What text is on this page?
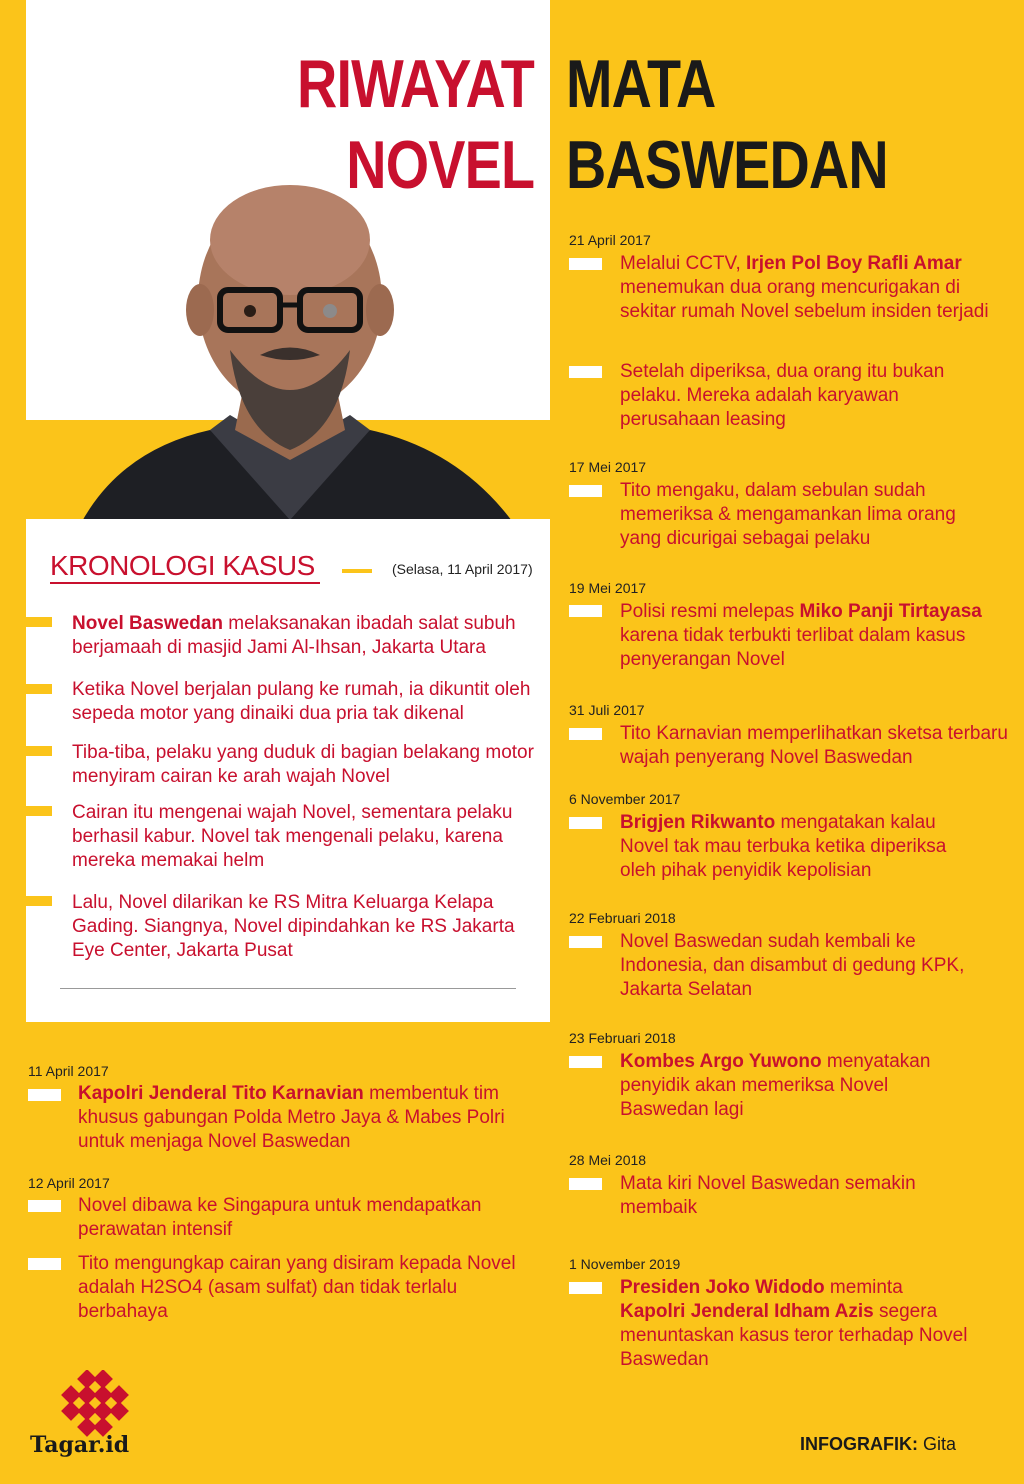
RIWAYAT MATA
NOVEL BASWEDAN
KRONOLOGI KASUS	(Selasa, 11 April 2017)
Novel Baswedan melaksanakan ibadah salat subuh berjamaah di masjid Jami Al-Ihsan, Jakarta Utara
Ketika Novel berjalan pulang ke rumah, ia dikuntit oleh sepeda motor yang dinaiki dua pria tak dikenal
Tiba-tiba, pelaku yang duduk di bagian belakang motor menyiram cairan ke arah wajah Novel
Cairan itu mengenai wajah Novel, sementara pelaku berhasil kabur. Novel tak mengenali pelaku, karena mereka memakai helm
Lalu, Novel dilarikan ke RS Mitra Keluarga Kelapa Gading. Siangnya, Novel dipindahkan ke RS Jakarta Eye Center, Jakarta Pusat
11 April 2017
Kapolri Jenderal Tito Karnavian membentuk tim khusus gabungan Polda Metro Jaya & Mabes Polri untuk menjaga Novel Baswedan
12 April 2017
Novel dibawa ke Singapura untuk mendapatkan perawatan intensif
Tito mengungkap cairan yang disiram kepada Novel adalah H2SO4 (asam sulfat) dan tidak terlalu berbahaya
21 April 2017
Melalui CCTV, Irjen Pol Boy Rafli Amar menemukan dua orang mencurigakan di sekitar rumah Novel sebelum insiden terjadi
Setelah diperiksa, dua orang itu bukan pelaku. Mereka adalah karyawan perusahaan leasing
17 Mei 2017
Tito mengaku, dalam sebulan sudah memeriksa & mengamankan lima orang yang dicurigai sebagai pelaku
19 Mei 2017
Polisi resmi melepas Miko Panji Tirtayasa karena tidak terbukti terlibat dalam kasus penyerangan Novel
31 Juli 2017
Tito Karnavian memperlihatkan sketsa terbaru wajah penyerang Novel Baswedan
6 November 2017
Brigjen Rikwanto mengatakan kalau Novel tak mau terbuka ketika diperiksa oleh pihak penyidik kepolisian
22 Februari 2018
Novel Baswedan sudah kembali ke Indonesia, dan disambut di gedung KPK, Jakarta Selatan
23 Februari 2018
Kombes Argo Yuwono menyatakan penyidik akan memeriksa Novel Baswedan lagi
28 Mei 2018
Mata kiri Novel Baswedan semakin membaik
1 November 2019
Presiden Joko Widodo meminta
Kapolri Jenderal Idham Azis segera menuntaskan kasus teror terhadap Novel Baswedan
Tagar.id	INFOGRAFIK: Gita
